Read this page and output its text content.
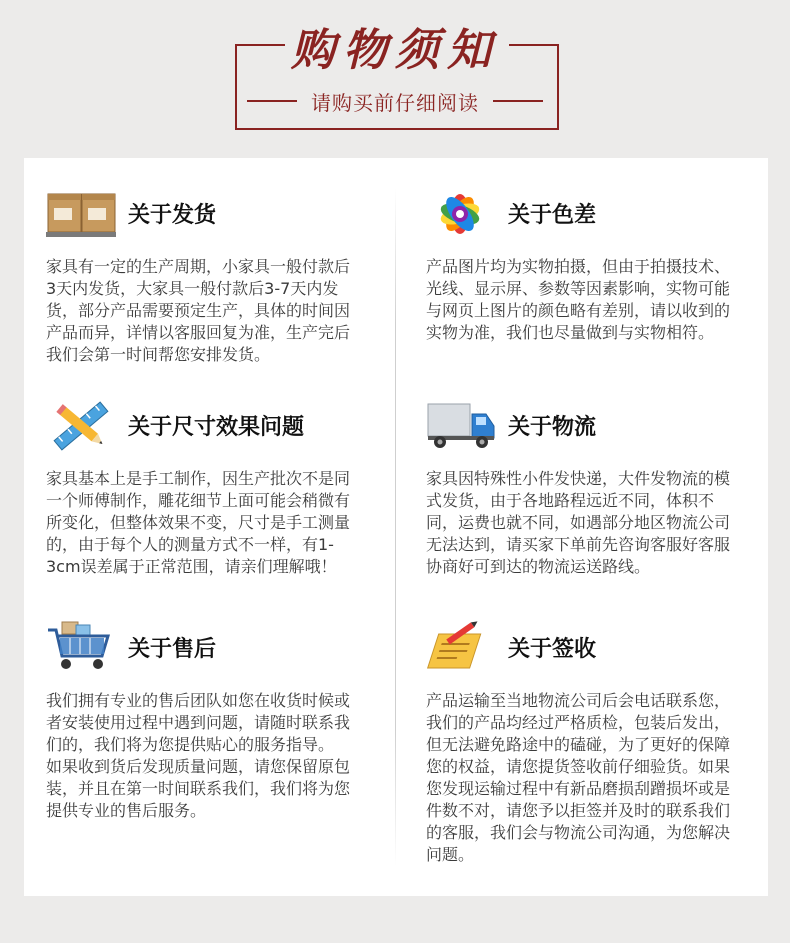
购物须知
请购买前仔细阅读
关于发货

家具有一定的生产周期，小家具一般付款后3天内发货，大家具一般付款后3-7天内发货，部分产品需要预定生产，具体的时间因产品而异，详情以客服回复为准，生产完后我们会第一时间帮您安排发货。

关于色差

产品图片均为实物拍摄，但由于拍摄技术、光线、显示屏、参数等因素影响，实物可能与网页上图片的颜色略有差别，请以收到的实物为准，我们也尽量做到与实物相符。

关于尺寸效果问题

家具基本上是手工制作，因生产批次不是同一个师傅制作，雕花细节上面可能会稍微有所变化，但整体效果不变，尺寸是手工测量的，由于每个人的测量方式不一样，有1-3cm误差属于正常范围，请亲们理解哦！

关于物流

家具因特殊性小件发快递，大件发物流的模式发货，由于各地路程远近不同，体积不同，运费也就不同，如遇部分地区物流公司无法达到，请买家下单前先咨询客服好客服协商好可到达的物流运送路线。

关于售后

我们拥有专业的售后团队如您在收货时候或者安装使用过程中遇到问题，请随时联系我们的，我们将为您提供贴心的服务指导。

如果收到货后发现质量问题，请您保留原包装，并且在第一时间联系我们，我们将为您提供专业的售后服务。

关于签收

产品运输至当地物流公司后会电话联系您，我们的产品均经过严格质检，包装后发出，但无法避免路途中的磕碰，为了更好的保障您的权益，请您提货签收前仔细验货。如果您发现运输过程中有新品磨损刮蹭损坏或是件数不对，请您予以拒签并及时的联系我们的客服，我们会与物流公司沟通，为您解决问题。
